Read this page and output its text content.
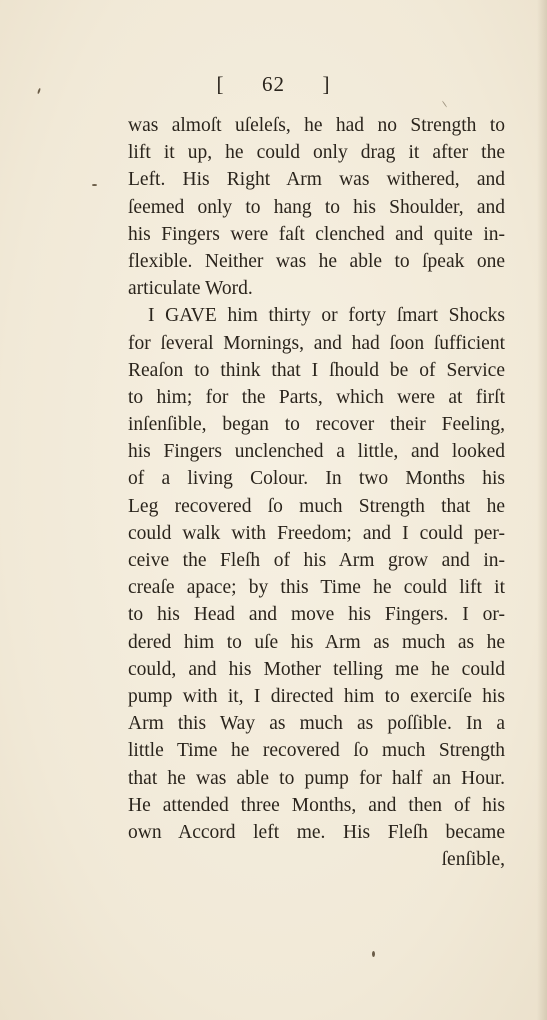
[ 62 ]
was almoſt uſeleſs, he had no Strength to
lift it up, he could only drag it after the
Left. His Right Arm was withered, and
ſeemed only to hang to his Shoulder, and
his Fingers were faſt clenched and quite in-
flexible. Neither was he able to ſpeak one
articulate Word.
I GAVE him thirty or forty ſmart Shocks
for ſeveral Mornings, and had ſoon ſufficient
Reaſon to think that I ſhould be of Service
to him; for the Parts, which were at firſt
inſenſible, began to recover their Feeling,
his Fingers unclenched a little, and looked
of a living Colour. In two Months his
Leg recovered ſo much Strength that he
could walk with Freedom; and I could per-
ceive the Fleſh of his Arm grow and in-
creaſe apace; by this Time he could lift it
to his Head and move his Fingers. I or-
dered him to uſe his Arm as much as he
could, and his Mother telling me he could
pump with it, I directed him to exerciſe his
Arm this Way as much as poſſible. In a
little Time he recovered ſo much Strength
that he was able to pump for half an Hour.
He attended three Months, and then of his
own Accord left me. His Fleſh became
ſenſible,
